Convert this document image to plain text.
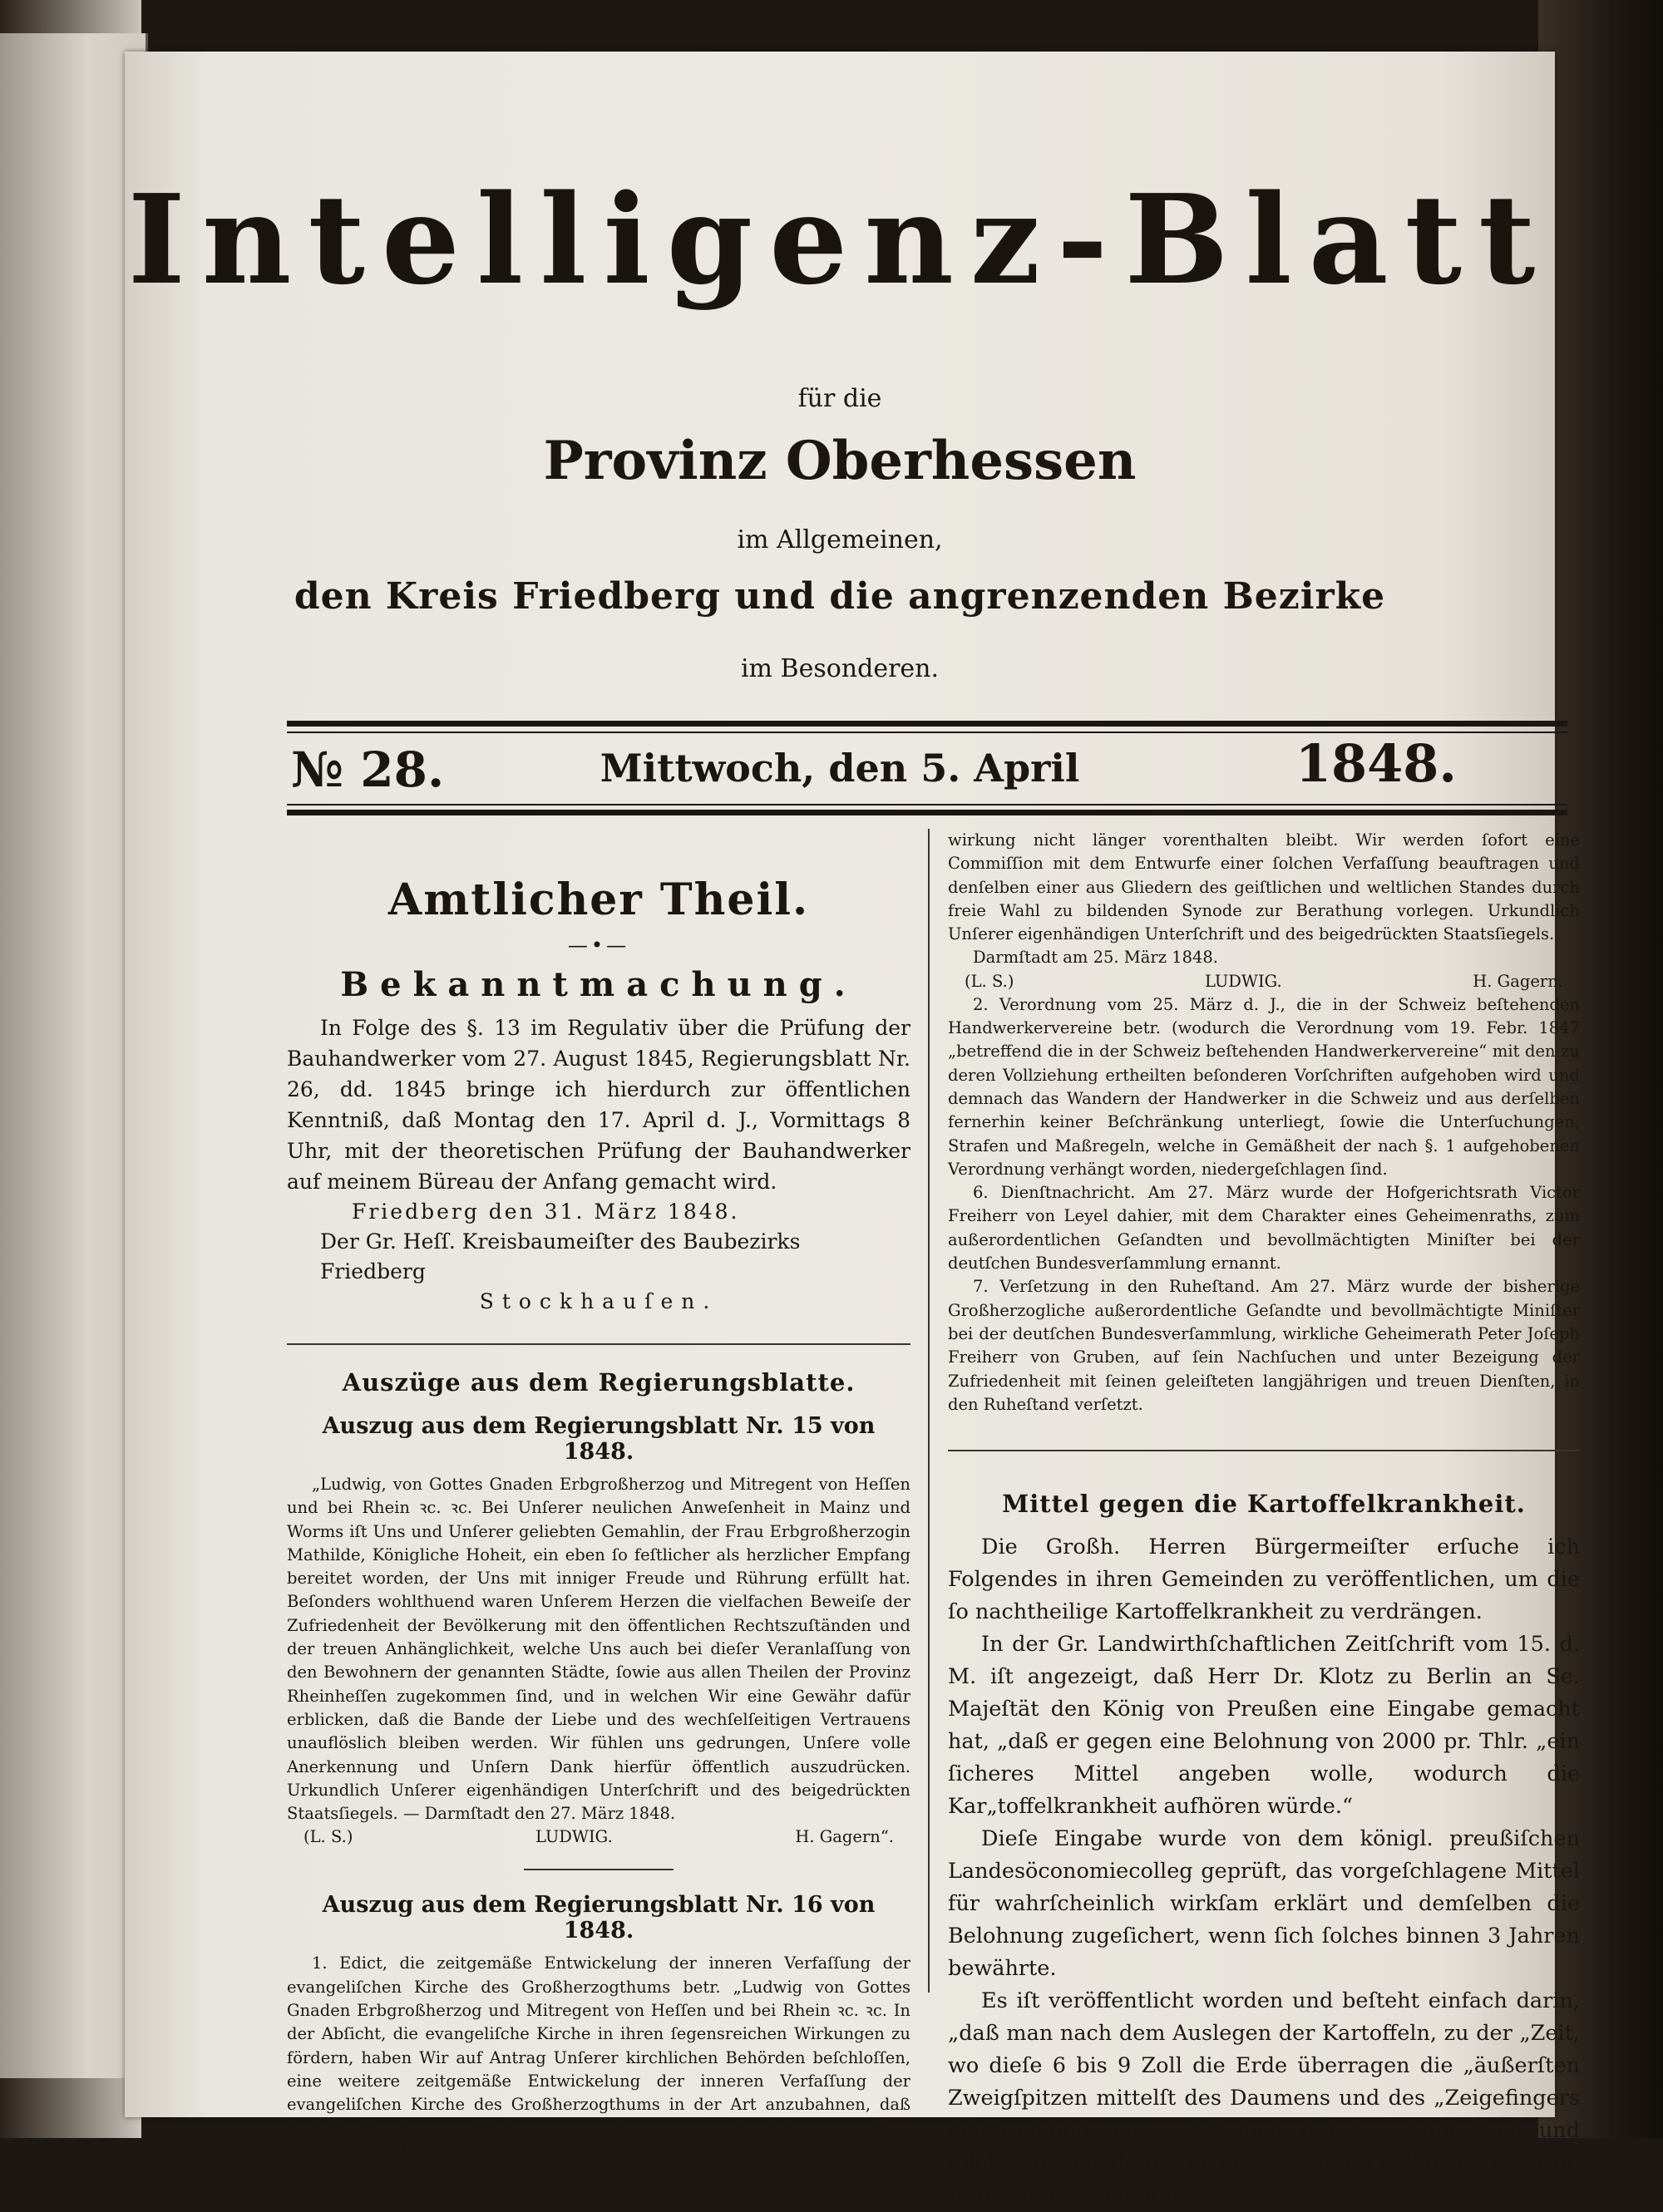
Intelligenz-Blatt
für die
Provinz Oberhessen
im Allgemeinen,
den Kreis Friedberg und die angrenzenden Bezirke
im Besonderen.
№ 28.	Mittwoch, den 5. April	1848.
Amtlicher Theil.
—•—
Bekanntmachung.

In Folge des §. 13 im Regulativ über die Prüfung der Bauhandwerker vom 27. August 1845, Regierungsblatt Nr. 26, dd. 1845 bringe ich hierdurch zur öffentlichen Kenntniß, daß Montag den 17. April d. J., Vormittags 8 Uhr, mit der theoretischen Prüfung der Bauhandwerker auf meinem Büreau der Anfang gemacht wird.

Friedberg den 31. März 1848.

Der Gr. Heſſ. Kreisbaumeiſter des Baubezirks Friedberg

Stockhauſen.

Auszüge aus dem Regierungsblatte.
Auszug aus dem Regierungsblatt Nr. 15 von 1848.

„Ludwig, von Gottes Gnaden Erbgroßherzog und Mitregent von Heſſen und bei Rhein ꝛc. ꝛc. Bei Unſerer neulichen Anweſenheit in Mainz und Worms iſt Uns und Unſerer geliebten Gemahlin, der Frau Erbgroßherzogin Mathilde, Königliche Hoheit, ein eben ſo feſtlicher als herzlicher Empfang bereitet worden, der Uns mit inniger Freude und Rührung erfüllt hat. Beſonders wohlthuend waren Unſerem Herzen die vielfachen Beweiſe der Zufriedenheit der Bevölkerung mit den öffentlichen Rechtszuſtänden und der treuen Anhänglichkeit, welche Uns auch bei dieſer Veranlaſſung von den Bewohnern der genannten Städte, ſowie aus allen Theilen der Provinz Rheinheſſen zugekommen ſind, und in welchen Wir eine Gewähr dafür erblicken, daß die Bande der Liebe und des wechſelſeitigen Vertrauens unauflöslich bleiben werden. Wir fühlen uns gedrungen, Unſere volle Anerkennung und Unſern Dank hierfür öffentlich auszudrücken. Urkundlich Unſerer eigenhändigen Unterſchrift und des beigedrückten Staatsſiegels. — Darmſtadt den 27. März 1848.

(L. S.)	LUDWIG.	H. Gagern“.
Auszug aus dem Regierungsblatt Nr. 16 von 1848.

1. Edict, die zeitgemäße Entwickelung der inneren Verfaſſung der evangeliſchen Kirche des Großherzogthums betr. „Ludwig von Gottes Gnaden Erbgroßherzog und Mitregent von Heſſen und bei Rhein ꝛc. ꝛc. In der Abſicht, die evangeliſche Kirche in ihren ſegensreichen Wirkungen zu fördern, haben Wir auf Antrag Unſerer kirchlichen Behörden beſchloſſen, eine weitere zeitgemäße Entwickelung der inneren Verfaſſung der evangeliſchen Kirche des Großherzogthums in der Art anzubahnen, daß namentlich den Gliedern des nichtgeiſtlichen Standes die ihnen gebührende Mit-

wirkung nicht länger vorenthalten bleibt. Wir werden ſofort eine Commiſſion mit dem Entwurfe einer ſolchen Verfaſſung beauftragen und denſelben einer aus Gliedern des geiſtlichen und weltlichen Standes durch freie Wahl zu bildenden Synode zur Berathung vorlegen. Urkundlich Unſerer eigenhändigen Unterſchrift und des beigedrückten Staatsſiegels.

Darmſtadt am 25. März 1848.

(L. S.)	LUDWIG.	H. Gagern.

2. Verordnung vom 25. März d. J., die in der Schweiz beſtehenden Handwerkervereine betr. (wodurch die Verordnung vom 19. Febr. 1847 „betreffend die in der Schweiz beſtehenden Handwerkervereine“ mit den zu deren Vollziehung ertheilten beſonderen Vorſchriften aufgehoben wird und demnach das Wandern der Handwerker in die Schweiz und aus derſelben fernerhin keiner Beſchränkung unterliegt, ſowie die Unterſuchungen, Strafen und Maßregeln, welche in Gemäßheit der nach §. 1 aufgehobenen Verordnung verhängt worden, niedergeſchlagen ſind.

6. Dienſtnachricht. Am 27. März wurde der Hofgerichtsrath Victor Freiherr von Leyel dahier, mit dem Charakter eines Geheimenraths, zum außerordentlichen Geſandten und bevollmächtigten Miniſter bei der deutſchen Bundesverſammlung ernannt.

7. Verſetzung in den Ruheſtand. Am 27. März wurde der bisherige Großherzogliche außerordentliche Geſandte und bevollmächtigte Miniſter bei der deutſchen Bundesverſammlung, wirkliche Geheimerath Peter Joſeph Freiherr von Gruben, auf ſein Nachſuchen und unter Bezeigung der Zufriedenheit mit ſeinen geleiſteten langjährigen und treuen Dienſten, in den Ruheſtand verſetzt.

Mittel gegen die Kartoffelkrankheit.

Die Großh. Herren Bürgermeiſter erſuche ich Folgendes in ihren Gemeinden zu veröffentlichen, um die ſo nachtheilige Kartoffelkrankheit zu verdrängen.

In der Gr. Landwirthſchaftlichen Zeitſchrift vom 15. d. M. iſt angezeigt, daß Herr Dr. Klotz zu Berlin an Se. Majeſtät den König von Preußen eine Eingabe gemacht hat, „daß er gegen eine Belohnung von 2000 pr. Thlr. „ein ſicheres Mittel angeben wolle, wodurch die Kar„toffelkrankheit aufhören würde.“

Dieſe Eingabe wurde von dem königl. preußiſchen Landesöconomiecolleg geprüft, das vorgeſchlagene Mittel für wahrſcheinlich wirkſam erklärt und demſelben die Belohnung zugeſichert, wenn ſich ſolches binnen 3 Jahren bewährte.

Es iſt veröffentlicht worden und beſteht einfach darin, „daß man nach dem Auslegen der Kartoffeln, zu der „Zeit, wo dieſe 6 bis 9 Zoll die Erde überragen die „äußerſten Zweigſpitzen mittelſt des Daumens und des „Zeigefingers einen halben Zoll — aber nicht tiefer — „abbrechen, und ſolches nochmals ſpäter in der „oder 11. Woche, etwa im Juni, wiederholen ſolle.
